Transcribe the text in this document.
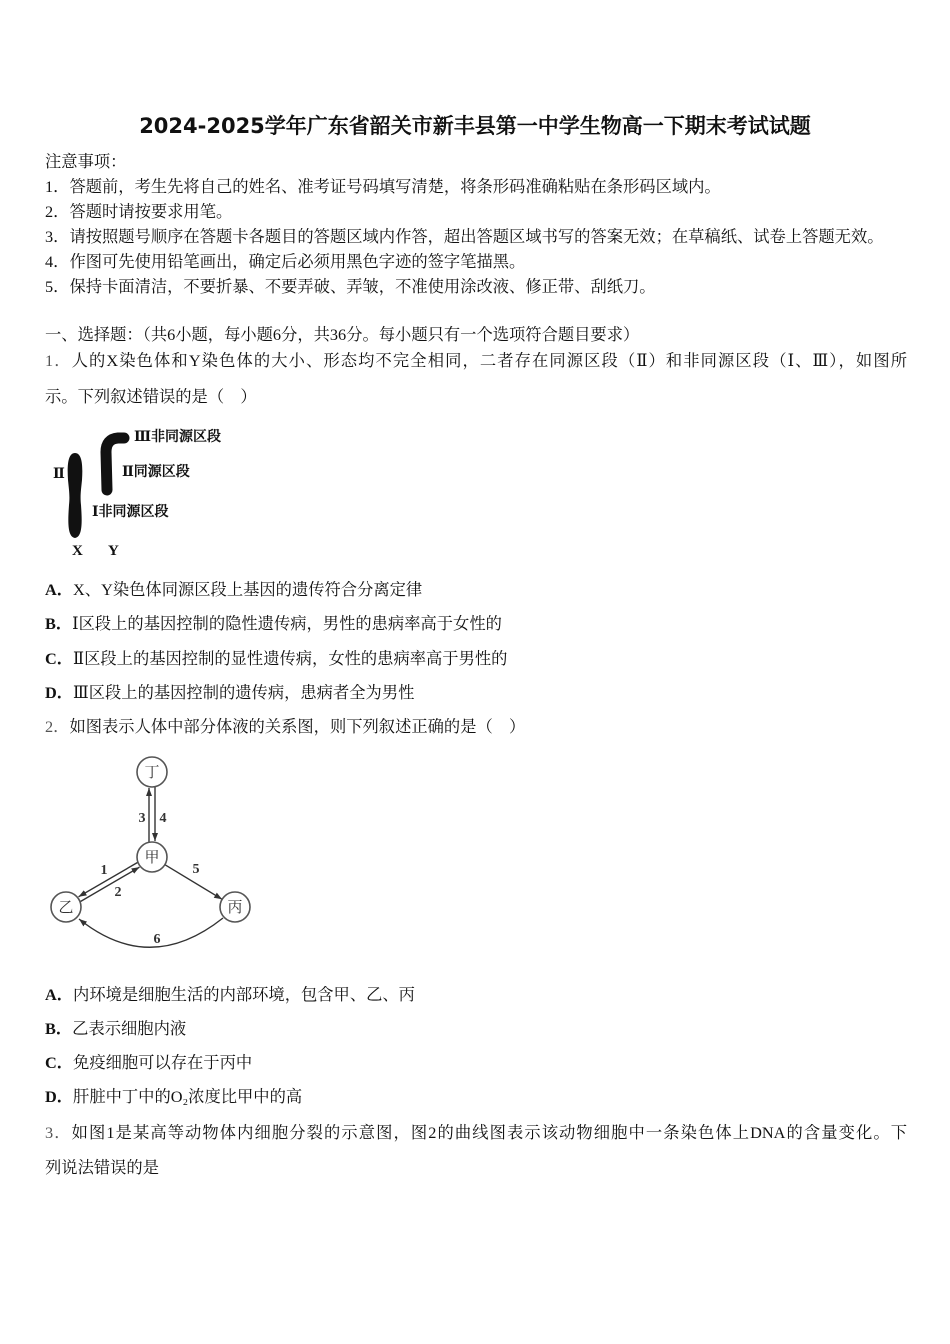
2024-2025学年广东省韶关市新丰县第一中学生物高一下期末考试试题
注意事项：
1．答题前，考生先将自己的姓名、准考证号码填写清楚，将条形码准确粘贴在条形码区域内。
2．答题时请按要求用笔。
3．请按照题号顺序在答题卡各题目的答题区域内作答，超出答题区域书写的答案无效；在草稿纸、试卷上答题无效。
4．作图可先使用铅笔画出，确定后必须用黑色字迹的签字笔描黑。
5．保持卡面清洁，不要折暴、不要弄破、弄皱，不准使用涂改液、修正带、刮纸刀。
一、选择题：（共6小题，每小题6分，共36分。每小题只有一个选项符合题目要求）
1．人的X染色体和Y染色体的大小、形态均不完全相同，二者存在同源区段（Ⅱ）和非同源区段（Ⅰ、Ⅲ），如图所
示。下列叙述错误的是（　）
Ⅲ非同源区段
Ⅱ同源区段
Ⅰ非同源区段
Ⅱ
X Y
A．X、Y染色体同源区段上基因的遗传符合分离定律
B．Ⅰ区段上的基因控制的隐性遗传病，男性的患病率高于女性的
C．Ⅱ区段上的基因控制的显性遗传病，女性的患病率高于男性的
D．Ⅲ区段上的基因控制的遗传病，患病者全为男性
2．如图表示人体中部分体液的关系图，则下列叙述正确的是（　）
丁
甲
乙	丙
3 4
1
2
5
6
A．内环境是细胞生活的内部环境，包含甲、乙、丙
B．乙表示细胞内液
C．免疫细胞可以存在于丙中
D．肝脏中丁中的O₂浓度比甲中的高
3．如图1是某高等动物体内细胞分裂的示意图，图2的曲线图表示该动物细胞中一条染色体上DNA的含量变化。下
列说法错误的是
